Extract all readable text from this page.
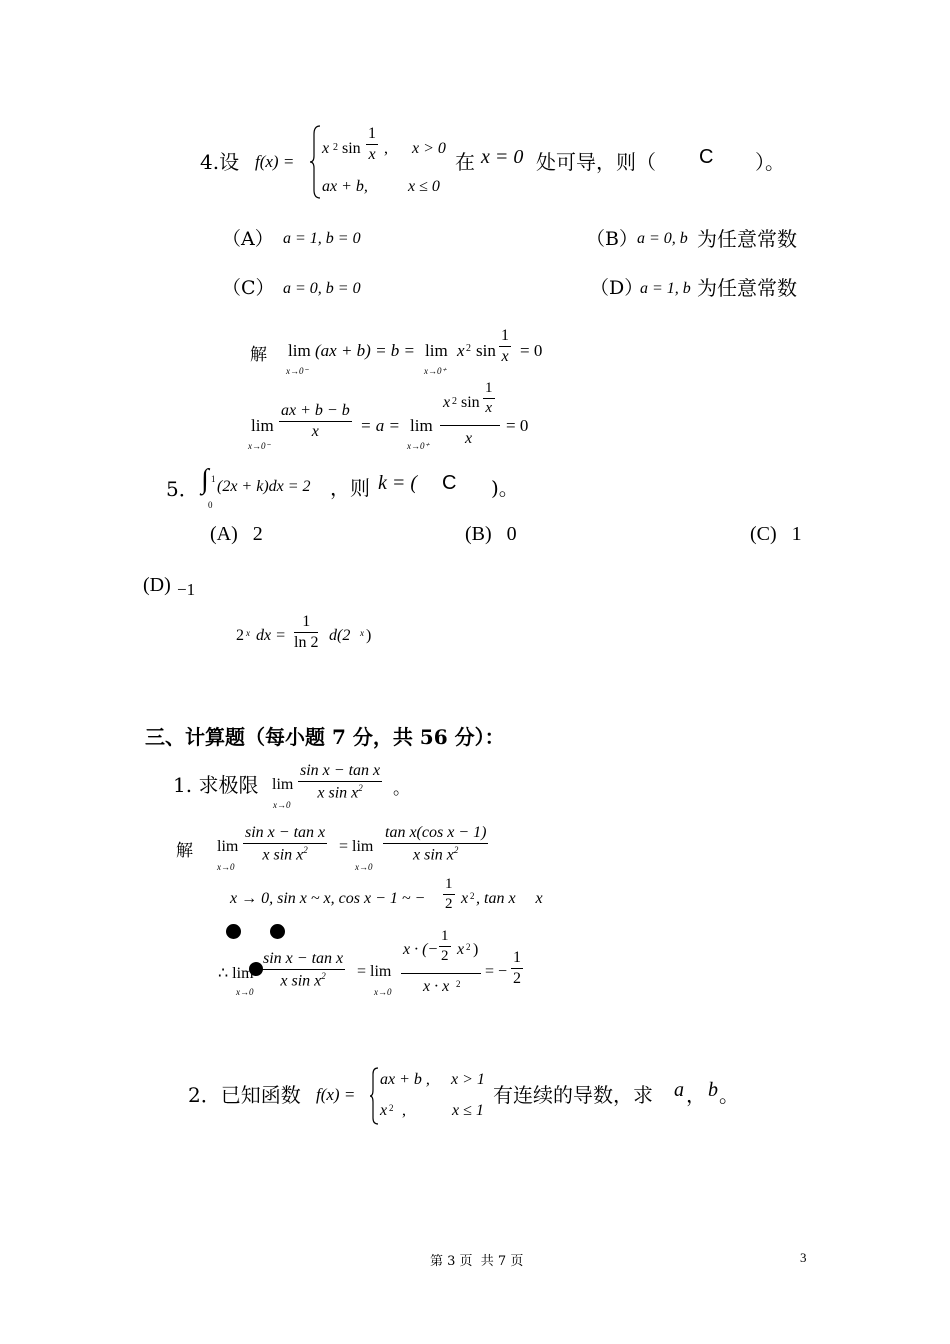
4.设 f(x) =
x 2 $\sin \frac{1}{x}$ , x > 0
ax + b,	x ≤ 0
在 x = 0 处可导，则（ C ）。
（A） a = 1, b = 0	（B） a = 0, b 为任意常数
（C） a = 0, b = 0	（D）
a = 1, b 为任意常数
解 lim
x→0⁻
(ax + b) = b = lim
x→0⁺
x 2 $\sin \frac{1}{x} = 0$
$\lim \frac{ax + b - b}{x}$
x→0⁻
= a = lim
x→0⁺
x 2 $\sin \frac{1}{x}$
x
= 0
5． ∫ 1
0
(2x + k)dx = 2 ，则 k = ( C )。
(A)   2	(B)   0	(C)   1
(D) −1
2 x dx = $\frac{1}{\ln 2} d(2$ x )
三、计算题（每小题 7 分，共 56 分）：
1. 求极限 lim
x→0
$\frac{\text{sin x − tan x}}{x \sin x^2}$ 。
解 lim
x→0
$\frac{\text{sin x − tan x}}{x \sin x^2} = \lim$
x→0
$\frac{\text{tan x(cos x − 1)}}{x \sin x^2}$
x → 0, sin x ~ x, cos x − 1 ~ − $\frac{1}{2}$ x 2 , tan x     x
∴ lim
x→0
$\frac{\text{sin x − tan x}}{x \sin x^2} = \lim$
x→0
x · (− $\frac{1}{2}$ x 2 )
x · x 2
= − $\frac{1}{2}$
2．已知函数 f(x) =
ax + b , x > 1
x 2 ,	x ≤ 1
有连续的导数，求 a ， b 。
第 3 页  共 7 页	3
